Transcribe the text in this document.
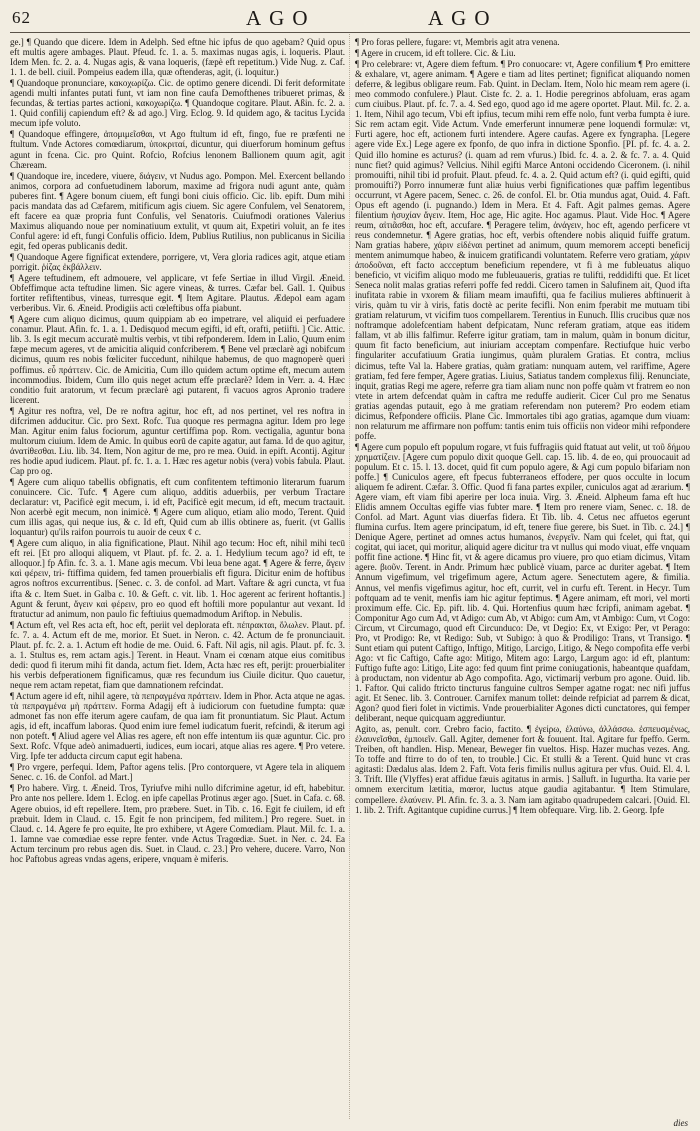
62	AGO	AGO

ge.] ¶ Quando que dicere. Idem in Adelph. Sed eftne hic ipfus de quo agebam? Quid opus eft multis agere ambages. Plaut. Pfeud. fc. 1. a. 5. maximas nugas agis, i. loqueris. Plaut. Idem Men. fc. 2. a. 4. Nugas agis, & vana loqueris, (fæpè eft repetitum.) Vide Nug. z. Caf. 1. 1. de bell. ciuil. Pompeius eadem illa, quæ oftenderas, agit, (i. loquitur.)

¶ Quandoque pronunciare, κακοχωρίζω. Cic. de optimo genere dicendi. Di ferit deformitate agendi multi infantes putati funt, vt iam non fine caufa Demofthenes tribueret primas, & fecundas, & tertias partes actioni, κακοχωρίζω. ¶ Quandoque cogitare. Plaut. Aßin. fc. 2. a. 1. Quid confilij capiendum eft? & ad ago.] Virg. Eclog. 9. Id quidem ago, & tacitus Lycida mecum ipfe voluto.

¶ Quandoque effingere, ἀπομιμεῖσθαι, vt Ago ftultum id eft, fingo, fue re præfenti ne ftultum. Vnde Actores comœdiarum, ὑποκριταί, dicuntur, qui diuerforum hominum geftus agunt in fcena. Cic. pro Quint. Rofcio, Rofcius lenonem Ballionem quum agit, agit Chæream.

¶ Quandoque ire, incedere, viuere, διάγειν, vt Nudus ago. Pompon. Mel. Exercent bellando animos, corpora ad confuetudinem laborum, maxime ad frigora nudi agunt ante, quàm puberes fint. ¶ Agere bonum ciuem, eft fungi boni ciuis officio. Cic. lib. epift. Dum mihi pacis mandata das ad Cæfarem, mitificum agis ciuem. Sic agere Confulem, vel Senatorem, eft facere ea quæ propria funt Confulis, vel Senatoris. Cuiufmodi orationes Valerius Maximus aliquando noue per nominatiuum extulit, vt quum ait, Expetiri voluit, an fe ites Conful agere: id eft, fungi Confulis officio. Idem, Publius Rutilius, non publicanus in Sicilia egit, fed operas publicanis dedit.

¶ Quandoque Agere fignificat extendere, porrigere, vt, Vera gloria radices agit, atque etiam porrigit. ῥίζας ἐκβάλλειν.

¶ Agere teftudinem, eft admouere, vel applicare, vt fefe Sertiae in illud Virgil. Æneid. Obfeffimque acta teftudine limen. Sic agere vineas, & turres. Cæfar bel. Gall. 1. Quibus fortiter refiftentibus, vineas, turresque egit. ¶ Item Agitare. Plautus. Ædepol eam agam verberibus. Vir. 6. Æneid. Prodigiis acti cœleftibus offa piabunt.

¶ Agere cum aliquo dicimus, quum quippiam ab eo impetrare, vel aliquid ei perfuadere conamur. Plaut. Afin. fc. 1. a. 1. Dedisquod mecum egifti, id eft, orafti, petiifti. ] Cic. Attic. lib. 3. Is egit mecum accuratè multis verbis, vt tibi refponderem. Idem in Lalio, Quum enim fæpe mecum ageres, vt de amicitia aliquid confcriberem. ¶ Bene vel præclarè agi nobifcum dicimus, quum res nobis fœliciter fuccedunt, nihilque habemus, de quo magnoperè queri poffimus. εὖ πράττειν. Cic. de Amicitia, Cum illo quidem actum optime eft, mecum autem incommodius. Ibidem, Cum illo quis neget actum effe præclarè? Idem in Verr. a. 4. Hæc conditio fuit aratorum, vt fecum præclarè agi putarent, fi vacuos agros Apronio tradere licerent.

¶ Agitur res noftra, vel, De re noftra agitur, hoc eft, ad nos pertinet, vel res noftra in difcrimen adducitur. Cic. pro Sext. Rofc. Tua quoque res permagna agitur. Idem pro lege Man. Agitur enim falus fociorum, aguntur certiffima pop. Rom. vectigalia, aguntur bona multorum ciuium. Idem de Amic. In quibus eorū de capite agatur, aut fama. Id de quo agitur, ἀνατίθεσθαι. Liu. lib. 34. Item, Non agitur de me, pro re mea. Ouid. in epift. Acontij. Agitur res hodie apud iudicem. Plaut. pf. fc. 1. a. 1. Hæc res agetur nobis (vera) vobis fabula. Plaut. Cap pro og.

¶ Agere cum aliquo tabellis obfignatis, eft cum confitentem teftimonio literarum fuarum conuincere. Cic. Tufc. ¶ Agere cum aliquo, additis aduerbiis, per verbum Tractare declaratur: vt, Pacificè egit mecum, i. id eft, Pacificè egit mecum, id eft, mecum tractauit. Non acerbè egit mecum, non inimicè. ¶ Agere cum aliquo, etiam alio modo, Terent. Quid cum illis agas, qui neque ius, & c. Id eft, Quid cum ab illis obtinere as, fuerit. (vt Gallis loquantur) qu'ils raifon pourrois tu auoir de ceux ¢ c.

¶ Agere cum aliquo, in alia fignificatione, Plaut. Nihil ago tecum: Hoc eft, nihil mihi tecū eft rei. [Et pro alloqui aliquem, vt Plaut. pf. fc. 2. a. 1. Hedylium tecum ago? id eft, te alloquor.] fp Afin. fc. 3. a. 1. Mane agis mecum. Vbi leua bene agat. ¶ Agere & ferre, ἄγειν καὶ φέρειν, tri- ftiffima quidem, fed tamen prouerbialis eft figura. Dicitur enim de hoftibus agros noftros excurrentibus. [Senec. c. 3. de confol. ad Mart. Vaftare & agri cuncta, vt fua ifta & c. Item Suet. in Galba c. 10. & Geft. c. vit. lib. 1. Hoc agerent ac ferirent hoftantis.] Agunt & ferunt, ἄγειν καὶ φέρειν, pro eo quod eft hoftili more populantur aut vexant. Id ftratuctur ad animum, non paulo fic feftiuius quemadmodum Ariftop. in Nebulis.

¶ Actum eft, vel Res acta eft, hoc eft, periit vel deplorata eft. πέπρακται, ὄλωλεν. Plaut. pf. fc. 7. a. 4. Actum eft de me, morior. Et Suet. in Neron. c. 42. Actum de fe pronunciauit. Plaut. pf. fc. 2. a. 1. Actum eft hodie de me. Ouid. 6. Faft. Nil agis, nil agis. Plaut. pf. fc. 3. a. 1. Stultus es, rem actam agis.] Terent. in Heaut. Vnam ei cœnam atque eius comitibus dedi: quod fi iterum mihi fit danda, actum fiet. Idem, Acta hæc res eft, perijt: prouerbialiter his verbis defperationem fignificamus, quæ res fecundum ius Ciuile dicitur. Quo cauetur, neque rem actam repetat, fiam que damnationem refcindat.

¶ Actum agere id eft, nihil agere, τὰ πεπραγμένα πράττειν. Idem in Phor. Acta atque ne agas. τὰ πεπραγμένα μὴ πράττειν. Forma Adagij eft à iudiciorum con fuetudine fumpta: quæ admonet fas non effe iterum agere caufam, de qua iam fit pronuntiatum. Sic Plaut. Actum agis, id eft, incaffum laboras. Quod enim iure femel iudicatum fuerit, refcindi, & iterum agi non poteft. ¶ Aliud agere vel Alias res agere, eft non effe intentum iis quæ aguntur. Cic. pro Sext. Rofc. Vfque adeò animaduerti, iudices, eum iocari, atque alias res agere. ¶ Pro vetere. Virg. Ipfe ter adducta circum caput egit habena.

¶ Pro vrgere, perfequi. Idem, Paftor agens telis. [Pro contorquere, vt Agere tela in aliquem Senec. c. 16. de Confol. ad Mart.]

¶ Pro habere. Virg. t. Æneid. Tros, Tyriufve mihi nullo difcrimine agetur, id eft, habebitur. Pro ante nos pellere. Idem 1. Eclog. en ipfe capellas Protinus æger ago. [Suet. in Cafa. c. 68. Agere obuios, id eft repellere. Item, pro præbere. Suet. in Tib. c. 16. Egit fe ciuilem, id eft præbuit. Idem in Claud. c. 15. Egit fe non principem, fed militem.] Pro regere. Suet. in Claud. c. 14. Agere fe pro equite, Ite pro exhibere, vt Agere Comœdiam. Plaut. Mil. fc. 1. a. 1. Iamne vae comœdiae esse repre fenter. vnde Actus Tragœdiæ. Suet. in Ner. c. 24. Ea Actum tercinum pro rebus agen dis. Suet. in Claud. c. 23.] Pro vehere, ducere. Varro, Non hoc Paftobus agreas vndas agens, eripere, vnquam è miferis.

¶ Pro foras pellere, fugare: vt, Membris agit atra venena.

¶ Agere in crucem, id eft tollere. Cic. & Liu.

¶ Pro celebrare: vt, Agere diem feftum. ¶ Pro conuocare: vt, Agere confilium ¶ Pro emittere & exhalare, vt, agere animam. ¶ Agere e tiam ad lites pertinet; fignificat aliquando nomen deferre, & legibus obligare reum. Fab. Quint. in Declam. Item, Nolo hic meam rem agere (i. meo commodo confulere.) Plaut. Ciste fc. 2. a. 1. Hodie peregrinos abfoluam, eras agam cum ciuibus. Plaut. pf. fc. 7. a. 4. Sed ego, quod ago id me agere oportet. Plaut. Mil. fc. 2. a. 1. Item, Nihil ago tecum, Vbi eft ipfius, tecum mihi rem effe nolo, funt verba fumpta è iure. Sic rem actam egit. Vide Actum. Vnde emerferunt innumeræ pene loquendi formulæ: vt, Furti agere, hoc eft, actionem furti intendere. Agere caufas. Agere ex fyngrapha. [Legere agere vide Ex.] Lege agere ex fponfo, de quo infra in dictione Sponfio. [PI. pf. fc. 4. a. 2. Quid illo homine es acturus? (i. quam ad rem vfurus.) Ibid. fc. 4. a. 2. & fc. 7. a. 4. Quid nunc fiet? quid agimus? Vellcius. Nihil egifti Marce Antoni occidendo Ciceronem. (i. nihil promouifti, nihil tibi id profuit. Plaut. pfeud. fc. 4. a. 2. Quid actum eft? (i. quid egifti, quid promouifti?) Porro innumeræ funt aliæ huius verbi fignificationes quæ paffim legentibus occurrunt, vt Agere pacem, Senec. c. 26. de confol. El. br. Otia mundus agat, Ouid. 4. Faft. Opus eft agendo (i. pugnando.) Idem in Mera. Et 4. Faft. Agit palmes gemas. Agere filentium ἡσυχίαν ἄγειν. Item, Hoc age, Hic agite. Hoc agamus. Plaut. Vide Hoc. ¶ Agere reum, αἰτιᾶσθαι, hoc eft, accufare. ¶ Peragere telim, ἀνάγειν, hoc eft, agendo perficere vt reus condemnetur. ¶ Agere gratias, hoc eft, verbis oftendere nobis aliquid fuiffe gratum. Nam gratias habere, χάριν εἰδέναι pertinet ad animum, quum memorem accepti beneficij mentem animumque habeo, & inuicem gratificandi voluntatem. Referre vero gratiam, χάριν ἀποδοῦναι, eft facto accceptum beneficium rependere, vt fi à me fubleuatus aliquo beneficio, vt vicifim aliquo modo me fubleuaueris, gratias re tulifti, reddidifti que. Et licet Seneca nolit malas gratias referri poffe fed reddi. Cicero tamen in Salufinem ait, Quod ifta inufitata rabie in vxorem & filiam meam imaufifti, qua fe facilius mulieres abftinuerit à viris, quàm tu vir à viris, fatis doctè ac perite fecifli. Non enim fperabit me mutuam tibi gratiam relaturum, vt vicifim tuos compellarem. Terentius in Eunuch. Illis crucibus quæ nos noftramque adolefcentiam habent defpicatam, Nunc referam gratiam, atque eas itidem fallam, vt ab illis falfimur. Referre igitur gratiam, tam in malum, quàm in bonum dicitur, quum fit facto beneficium, aut iniuriam acceptam compenfare. Rectiufque huic verbo fingulariter accufatiuum Gratia iungimus, quàm pluralem Gratias. Et contra, mclius dicimus, tefte Val la. Habere gratias, quàm gratiam: nunquam autem, vel rariffime, Agere gratiam, fed fere femper, Agere gratias. Liuius, Satiatus tandem complexus filij. Renunciate, inquit, gratias Regi me agere, referre gra tiam aliam nunc non poffe quàm vt fratrem eo non vtete in artem defcendat quàm in caftra me reduffe audierit. Cicer Cul pro me Senatus gratias agendas putauit, ego à me gratiam referendam non puterem? Pro eodem etiam dicimus, Refpondere officiis. Plane Cic. Immortales tibi ago gratias, agamque dum viuam: non relaturum me affirmare non poffum: tantis enim tuis officiis non videor mihi refpondere poffe.

¶ Agere cum populo eft populum rogare, vt fuis fuffragiis quid ftatuat aut velit, ut τοῦ δήμου χρηματίζειν. [Agere cum populo dixit quoque Gell. cap. 15. lib. 4. de eo, qui prouocauit ad populum. Et c. 15. l. 13. docet, quid fit cum populo agere, & Agi cum populo bifariam non poffe.] ¶ Cuniculos agere, eft fpecus fubterraneos effodere, per quos occulte in locum aliquem fe adirent. Cæfar. 3. Offic. Quod fi fana partes expiler, cuniculos agat ad ærarium. ¶ Agere viam, eft viam fibi aperire per loca inuia. Virg. 3. Æneid. Alpheum fama eft huc Elidis amnem Occultas egiffe vias fubter mare. ¶ Item pro renere viam, Senec. c. 18. de Confol. ad Mart. Agunt vias diuerfas fidera. Et Tib. lib. 4. Cetus nec affuetos egerunt flumina curfus. Item agere principatum, id eft, tenere fiue gerere, bis Suet. in Tib. c. 24.] ¶ Denique Agere, pertinet ad omnes actus humanos, ἐνεργεῖν. Nam qui fcelet, qui ftat, qui cogitat, qui iacet, qui moritur, aliquid agere dicitur tra vt nullus qui modo viuat, effe vnquam poffit fine actione. ¶ Hinc fit, vt & agere dicamus pro viuere, pro quo etiam dicimus, Vitam agere. βιοῦν. Terent. in Andr. Primum hæc publicè viuam, parce ac duriter agebat. ¶ Item Annum vigefimum, vel trigefimum agere, Actum agere. Senectutem agere, & fimilia. Annus, vel menfis vigefimus agitur, hoc eft, currit, vel in curfu eft. Terent. in Hecyr. Tum poftquam ad te venit, menfis iam hic agitur feptimus. ¶ Agere animam, eft mori, vel morti proximum effe. Cic. Ep. pift. lib. 4. Qui. Hortenfius quum hæc fcripfi, animam agebat. ¶ Componitur Ago cum Ad, vt Adigo: cum Ab, vt Abigo: cum Am, vt Ambigo: Cum, vt Cogo: Circum, vt Circumago, quod eft Circunduco: De, vt Degio: Ex, vt Exigo: Per, vt Perago: Pro, vt Prodigo: Re, vt Redigo: Sub, vt Subigo: à quo & Prodiligo: Trans, vt Transigo. ¶ Sunt etiam qui putent Caftigo, Inftigo, Mitigo, Larcigo, Litigo, & Nego compofita effe verbi Ago: vt fic Caftigo, Cafte ago: Mitigo, Mitem ago: Largo, Largum ago: id eft, plantum: Fuftigo fufte ago: Litigo, Lite ago: fed quum fint prime coniugationis, habeantque quafdam, à productam, non videntur ab Ago compofita. Ago, victimarij verbum pro agone. Ouid. lib. 1. Faftor. Qui calido ftricto tincturus fanguine cultros Semper agatne rogat: nec nifi juffus agit. Et Senec. lib. 3. Controuer. Carnifex manum tollet: deinde refpiciat ad parrem & dicat, Agon? quod fieri folet in victimis. Vnde prouerbialiter Agones dicti cunctatores, qui femper deliberant, neque quicquam aggrediuntur.

Agito, as, penult. corr. Crebro facio, factito. ¶ ἐγείρω, ἐλαύνω, ἀλλάσσω. ἐσπευσμένως, ἐλαυνεῖσθαι, ἐμποιεῖν. Gall. Agiter, demener fort & fouuent. Ital. Agitare fur fpeffo. Germ. Treiben, oft handlen. Hisp. Menear, Beweger fin vueltos. Hisp. Hazer muchas vezes. Ang. To toffe and ftirre to do of ten, to trouble.] Cic. Et stulli & a Terent. Quid hunc vt cras agitasti: Dædalus alas. Idem 2. Faft. Vota feris fimilis nullus agitura per vfus. Ouid. El. 4. l. 3. Trift. Ille (Vlyffes) erat affidue fæuis agitatus in armis. ] Salluft. in Iugurtha. Ita varie per omnem exercitum lætitia, mœror, luctus atque gaudia agitabantur. ¶ Item Stimulare, compellere. ἐλαύνειν. Pl. Afin. fc. 3. a. 3. Nam iam agitabo quadrupedem calcari. [Ouid. El. 1. lib. 2. Trift. Agitantque cupidine currus.] ¶ Item obfequare. Virg. lib. 2. Georg. Ipfe

dies
